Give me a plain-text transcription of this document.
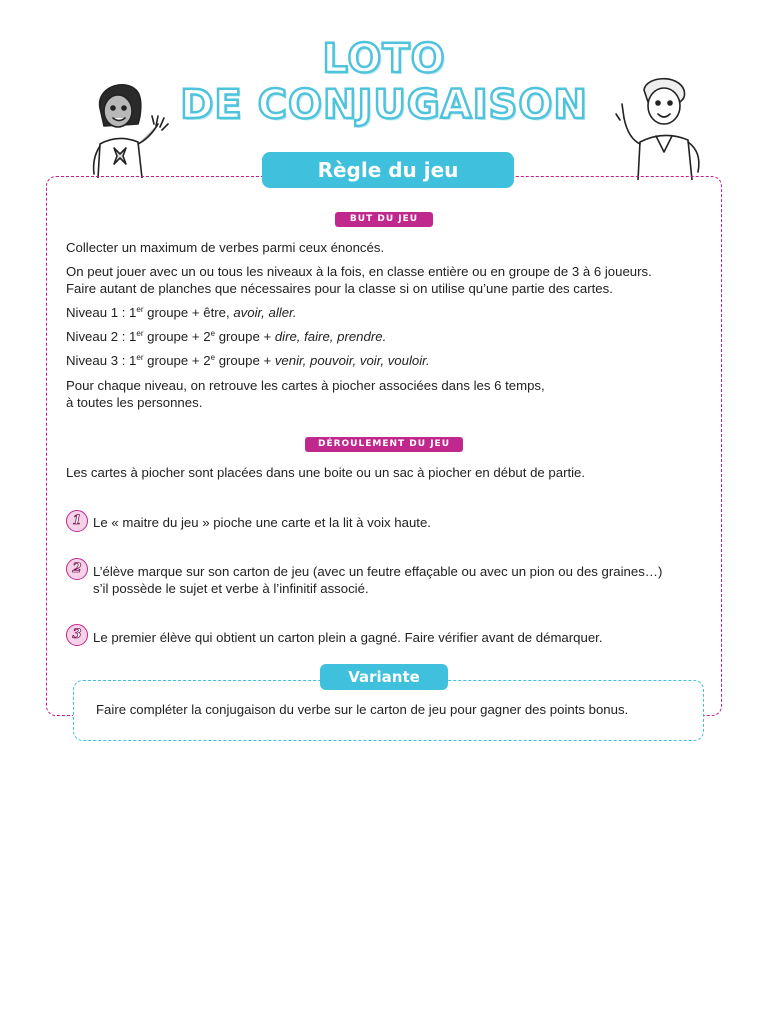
LOTO
DE CONJUGAISON
Règle du jeu
BUT DU JEU
Collecter un maximum de verbes parmi ceux énoncés.
On peut jouer avec un ou tous les niveaux à la fois, en classe entière ou en groupe de 3 à 6 joueurs.
Faire autant de planches que nécessaires pour la classe si on utilise qu’une partie des cartes.
Niveau 1 : 1er groupe + être, avoir, aller.
Niveau 2 : 1er groupe + $2^e$ groupe + dire, faire, prendre.
Niveau 3 : 1er groupe + $2^e$ groupe + venir, pouvoir, voir, vouloir.
Pour chaque niveau, on retrouve les cartes à piocher associées dans les 6 temps,
à toutes les personnes.
DÉROULEMENT DU JEU
Les cartes à piocher sont placées dans une boite ou un sac à piocher en début de partie.
1 Le « maitre du jeu » pioche une carte et la lit à voix haute.
2 L’élève marque sur son carton de jeu (avec un feutre effaçable ou avec un pion ou des graines…)
s’il possède le sujet et verbe à l’infinitif associé.
3 Le premier élève qui obtient un carton plein a gagné. Faire vérifier avant de démarquer.
Variante
Faire compléter la conjugaison du verbe sur le carton de jeu pour gagner des points bonus.
